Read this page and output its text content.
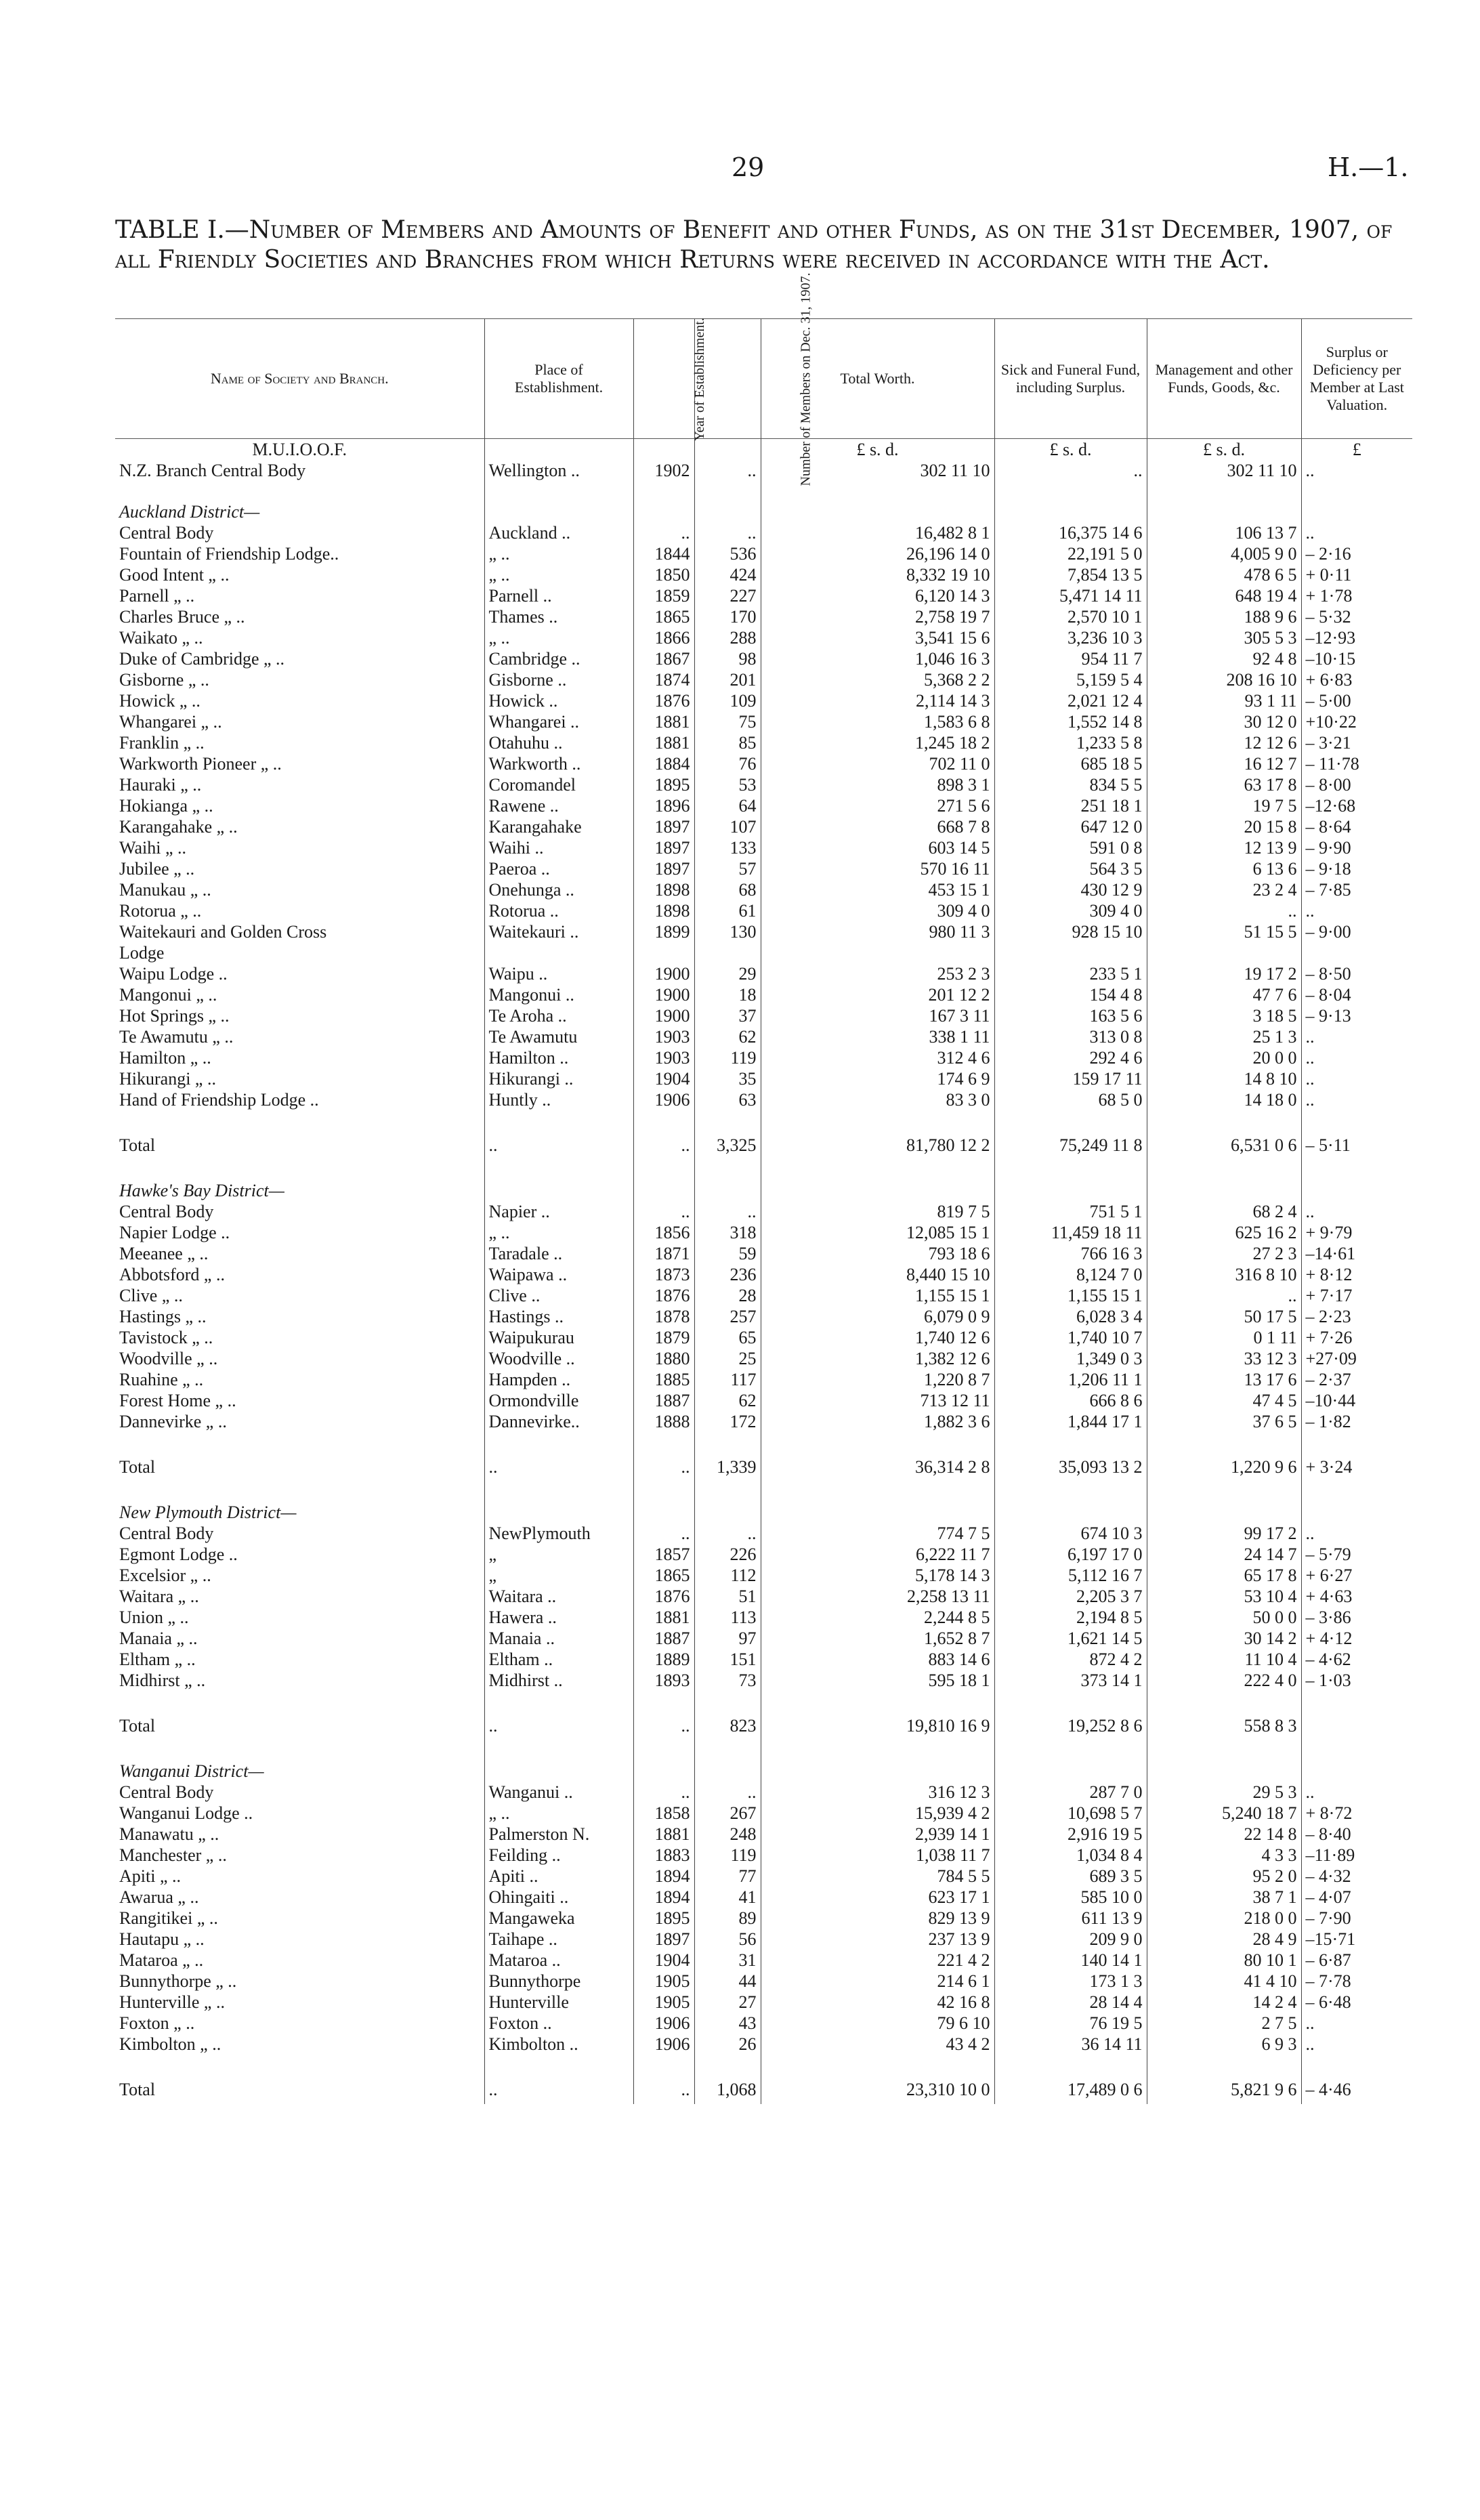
29	H.—1.
TABLE I.—Number of Members and Amounts of Benefit and other Funds, as on the 31st December, 1907, of all Friendly Societies and Branches from which Returns were received in accordance with the Act.
Name of Society and Branch.	Place of Establishment.	Year of Establishment.	Number of Members on Dec. 31, 1907.	Total Worth.	Sick and Funeral Fund, including Surplus.	Management and other Funds, Goods, &c.	Surplus or Deficiency per Member at Last Valuation.
M.U.I.O.O.F.				£ s. d.	£ s. d.	£ s. d.	£
N.Z. Branch Central Body	Wellington ..	1902	..	302 11 10	..	302 11 10	..

Auckland District—							
Central Body	Auckland ..	..	..	16,482 8 1	16,375 14 6	106 13 7	..
Fountain of Friendship Lodge..	„ ..	1844	536	26,196 14 0	22,191 5 0	4,005 9 0	– 2·16
Good Intent „ ..	„ ..	1850	424	8,332 19 10	7,854 13 5	478 6 5	+ 0·11
Parnell „ ..	Parnell ..	1859	227	6,120 14 3	5,471 14 11	648 19 4	+ 1·78
Charles Bruce „ ..	Thames ..	1865	170	2,758 19 7	2,570 10 1	188 9 6	– 5·32
Waikato „ ..	„ ..	1866	288	3,541 15 6	3,236 10 3	305 5 3	–12·93
Duke of Cambridge „ ..	Cambridge ..	1867	98	1,046 16 3	954 11 7	92 4 8	–10·15
Gisborne „ ..	Gisborne ..	1874	201	5,368 2 2	5,159 5 4	208 16 10	+ 6·83
Howick „ ..	Howick ..	1876	109	2,114 14 3	2,021 12 4	93 1 11	– 5·00
Whangarei „ ..	Whangarei ..	1881	75	1,583 6 8	1,552 14 8	30 12 0	+10·22
Franklin „ ..	Otahuhu ..	1881	85	1,245 18 2	1,233 5 8	12 12 6	– 3·21
Warkworth Pioneer „ ..	Warkworth ..	1884	76	702 11 0	685 18 5	16 12 7	– 11·78
Hauraki „ ..	Coromandel	1895	53	898 3 1	834 5 5	63 17 8	– 8·00
Hokianga „ ..	Rawene ..	1896	64	271 5 6	251 18 1	19 7 5	–12·68
Karangahake „ ..	Karangahake	1897	107	668 7 8	647 12 0	20 15 8	– 8·64
Waihi „ ..	Waihi ..	1897	133	603 14 5	591 0 8	12 13 9	– 9·90
Jubilee „ ..	Paeroa ..	1897	57	570 16 11	564 3 5	6 13 6	– 9·18
Manukau „ ..	Onehunga ..	1898	68	453 15 1	430 12 9	23 2 4	– 7·85
Rotorua „ ..	Rotorua ..	1898	61	309 4 0	309 4 0	..	..
Waitekauri and Golden Cross	Waitekauri ..	1899	130	980 11 3	928 15 10	51 15 5	– 9·00
Lodge							
Waipu Lodge ..	Waipu ..	1900	29	253 2 3	233 5 1	19 17 2	– 8·50
Mangonui „ ..	Mangonui ..	1900	18	201 12 2	154 4 8	47 7 6	– 8·04
Hot Springs „ ..	Te Aroha ..	1900	37	167 3 11	163 5 6	3 18 5	– 9·13
Te Awamutu „ ..	Te Awamutu	1903	62	338 1 11	313 0 8	25 1 3	..
Hamilton „ ..	Hamilton ..	1903	119	312 4 6	292 4 6	20 0 0	..
Hikurangi „ ..	Hikurangi ..	1904	35	174 6 9	159 17 11	14 8 10	..
Hand of Friendship Lodge ..	Huntly ..	1906	63	83 3 0	68 5 0	14 18 0	..

Total	..	..	3,325	81,780 12 2	75,249 11 8	6,531 0 6	– 5·11

Hawke's Bay District—							
Central Body	Napier ..	..	..	819 7 5	751 5 1	68 2 4	..
Napier Lodge ..	„ ..	1856	318	12,085 15 1	11,459 18 11	625 16 2	+ 9·79
Meeanee „ ..	Taradale ..	1871	59	793 18 6	766 16 3	27 2 3	–14·61
Abbotsford „ ..	Waipawa ..	1873	236	8,440 15 10	8,124 7 0	316 8 10	+ 8·12
Clive „ ..	Clive ..	1876	28	1,155 15 1	1,155 15 1	..	+ 7·17
Hastings „ ..	Hastings ..	1878	257	6,079 0 9	6,028 3 4	50 17 5	– 2·23
Tavistock „ ..	Waipukurau	1879	65	1,740 12 6	1,740 10 7	0 1 11	+ 7·26
Woodville „ ..	Woodville ..	1880	25	1,382 12 6	1,349 0 3	33 12 3	+27·09
Ruahine „ ..	Hampden ..	1885	117	1,220 8 7	1,206 11 1	13 17 6	– 2·37
Forest Home „ ..	Ormondville	1887	62	713 12 11	666 8 6	47 4 5	–10·44
Dannevirke „ ..	Dannevirke..	1888	172	1,882 3 6	1,844 17 1	37 6 5	– 1·82

Total	..	..	1,339	36,314 2 8	35,093 13 2	1,220 9 6	+ 3·24

New Plymouth District—							
Central Body	NewPlymouth	..	..	774 7 5	674 10 3	99 17 2	..
Egmont Lodge ..	„	1857	226	6,222 11 7	6,197 17 0	24 14 7	– 5·79
Excelsior „ ..	„	1865	112	5,178 14 3	5,112 16 7	65 17 8	+ 6·27
Waitara „ ..	Waitara ..	1876	51	2,258 13 11	2,205 3 7	53 10 4	+ 4·63
Union „ ..	Hawera ..	1881	113	2,244 8 5	2,194 8 5	50 0 0	– 3·86
Manaia „ ..	Manaia ..	1887	97	1,652 8 7	1,621 14 5	30 14 2	+ 4·12
Eltham „ ..	Eltham ..	1889	151	883 14 6	872 4 2	11 10 4	– 4·62
Midhirst „ ..	Midhirst ..	1893	73	595 18 1	373 14 1	222 4 0	– 1·03

Total	..	..	823	19,810 16 9	19,252 8 6	558 8 3	

Wanganui District—							
Central Body	Wanganui ..	..	..	316 12 3	287 7 0	29 5 3	..
Wanganui Lodge ..	„ ..	1858	267	15,939 4 2	10,698 5 7	5,240 18 7	+ 8·72
Manawatu „ ..	Palmerston N.	1881	248	2,939 14 1	2,916 19 5	22 14 8	– 8·40
Manchester „ ..	Feilding ..	1883	119	1,038 11 7	1,034 8 4	4 3 3	–11·89
Apiti „ ..	Apiti ..	1894	77	784 5 5	689 3 5	95 2 0	– 4·32
Awarua „ ..	Ohingaiti ..	1894	41	623 17 1	585 10 0	38 7 1	– 4·07
Rangitikei „ ..	Mangaweka	1895	89	829 13 9	611 13 9	218 0 0	– 7·90
Hautapu „ ..	Taihape ..	1897	56	237 13 9	209 9 0	28 4 9	–15·71
Mataroa „ ..	Mataroa ..	1904	31	221 4 2	140 14 1	80 10 1	– 6·87
Bunnythorpe „ ..	Bunnythorpe	1905	44	214 6 1	173 1 3	41 4 10	– 7·78
Hunterville „ ..	Hunterville	1905	27	42 16 8	28 14 4	14 2 4	– 6·48
Foxton „ ..	Foxton ..	1906	43	79 6 10	76 19 5	2 7 5	..
Kimbolton „ ..	Kimbolton ..	1906	26	43 4 2	36 14 11	6 9 3	..

Total	..	..	1,068	23,310 10 0	17,489 0 6	5,821 9 6	– 4·46
